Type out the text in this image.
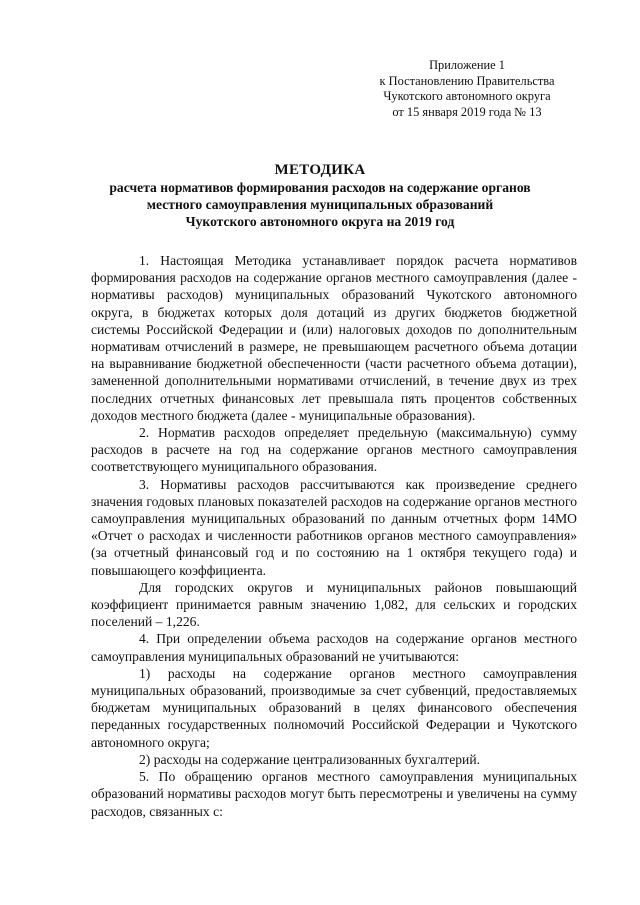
Приложение 1
к Постановлению Правительства
Чукотского автономного округа
от 15 января 2019 года № 13
МЕТОДИКА
расчета нормативов формирования расходов на содержание органов
местного самоуправления муниципальных образований
Чукотского автономного округа на 2019 год

1. Настоящая Методика устанавливает порядок расчета нормативов формирования расходов на содержание органов местного самоуправления (далее - нормативы расходов) муниципальных образований Чукотского автономного округа, в бюджетах которых доля дотаций из других бюджетов бюджетной системы Российской Федерации и (или) налоговых доходов по дополнительным нормативам отчислений в размере, не превышающем расчетного объема дотации на выравнивание бюджетной обеспеченности (части расчетного объема дотации), замененной дополнительными нормативами отчислений, в течение двух из трех последних отчетных финансовых лет превышала пять процентов собственных доходов местного бюджета (далее - муниципальные образования).

2. Норматив расходов определяет предельную (максимальную) сумму расходов в расчете на год на содержание органов местного самоуправления соответствующего муниципального образования.

3. Нормативы расходов рассчитываются как произведение среднего значения годовых плановых показателей расходов на содержание органов местного самоуправления муниципальных образований по данным отчетных форм 14МО «Отчет о расходах и численности работников органов местного самоуправления» (за отчетный финансовый год и по состоянию на 1 октября текущего года) и повышающего коэффициента.

Для городских округов и муниципальных районов повышающий коэффициент принимается равным значению 1,082, для сельских и городских поселений – 1,226.

4. При определении объема расходов на содержание органов местного самоуправления муниципальных образований не учитываются:

1) расходы на содержание органов местного самоуправления муниципальных образований, производимые за счет субвенций, предоставляемых бюджетам муниципальных образований в целях финансового обеспечения переданных государственных полномочий Российской Федерации и Чукотского автономного округа;

2) расходы на содержание централизованных бухгалтерий.

5. По обращению органов местного самоуправления муниципальных образований нормативы расходов могут быть пересмотрены и увеличены на сумму расходов, связанных с:
